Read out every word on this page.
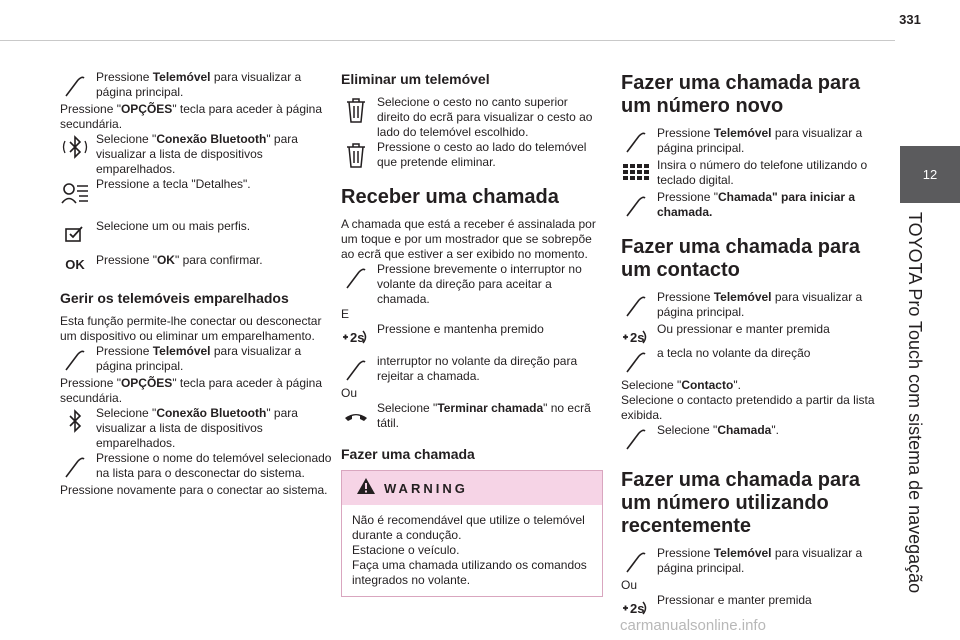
331
12
TOYOTA Pro Touch com sistema de navegação

Pressione Telemóvel para visualizar a página principal.

Pressione "OPÇÕES" tecla para aceder à página secundária.

Selecione "Conexão Bluetooth" para visualizar a lista de dispositivos emparelhados.

Pressione a tecla "Detalhes".

Selecione um ou mais perfis.

OK Pressione "OK" para confirmar.

Gerir os telemóveis emparelhados

Esta função permite-lhe conectar ou desconectar um dispositivo ou eliminar um emparelhamento.

Pressione Telemóvel para visualizar a página principal.

Pressione "OPÇÕES" tecla para aceder à página secundária.

Selecione "Conexão Bluetooth" para visualizar a lista de dispositivos emparelhados.

Pressione o nome do telemóvel selecionado na lista para o desconectar do sistema.

Pressione novamente para o conectar ao sistema.

Eliminar um telemóvel

Selecione o cesto no canto superior direito do ecrã para visualizar o cesto ao lado do telemóvel escolhido.

Pressione o cesto ao lado do telemóvel que pretende eliminar.

Receber uma chamada

A chamada que está a receber é assinalada por um toque e por um mostrador que se sobrepõe ao ecrã que estiver a ser exibido no momento.

Pressione brevemente o interruptor no volante da direção para aceitar a chamada.

E

2s

Pressione e mantenha premido

interruptor no volante da direção para rejeitar a chamada.

Ou

Selecione "Terminar chamada" no ecrã tátil.

Fazer uma chamada
WARNING
Não é recomendável que utilize o telemóvel durante a condução.
Estacione o veículo.
Faça uma chamada utilizando os comandos integrados no volante.
Fazer uma chamada para um número novo

Pressione Telemóvel para visualizar a página principal.

Insira o número do telefone utilizando o teclado digital.

Pressione "Chamada" para iniciar a chamada.

Fazer uma chamada para um contacto

Pressione Telemóvel para visualizar a página principal.

2s

Ou pressionar e manter premida

a tecla no volante da direção

Selecione "Contacto".

Selecione o contacto pretendido a partir da lista exibida.

Selecione "Chamada".

Fazer uma chamada para um número utilizando recentemente

Pressione Telemóvel para visualizar a página principal.

Ou

2s

Pressionar e manter premida

carmanualsonline.info
